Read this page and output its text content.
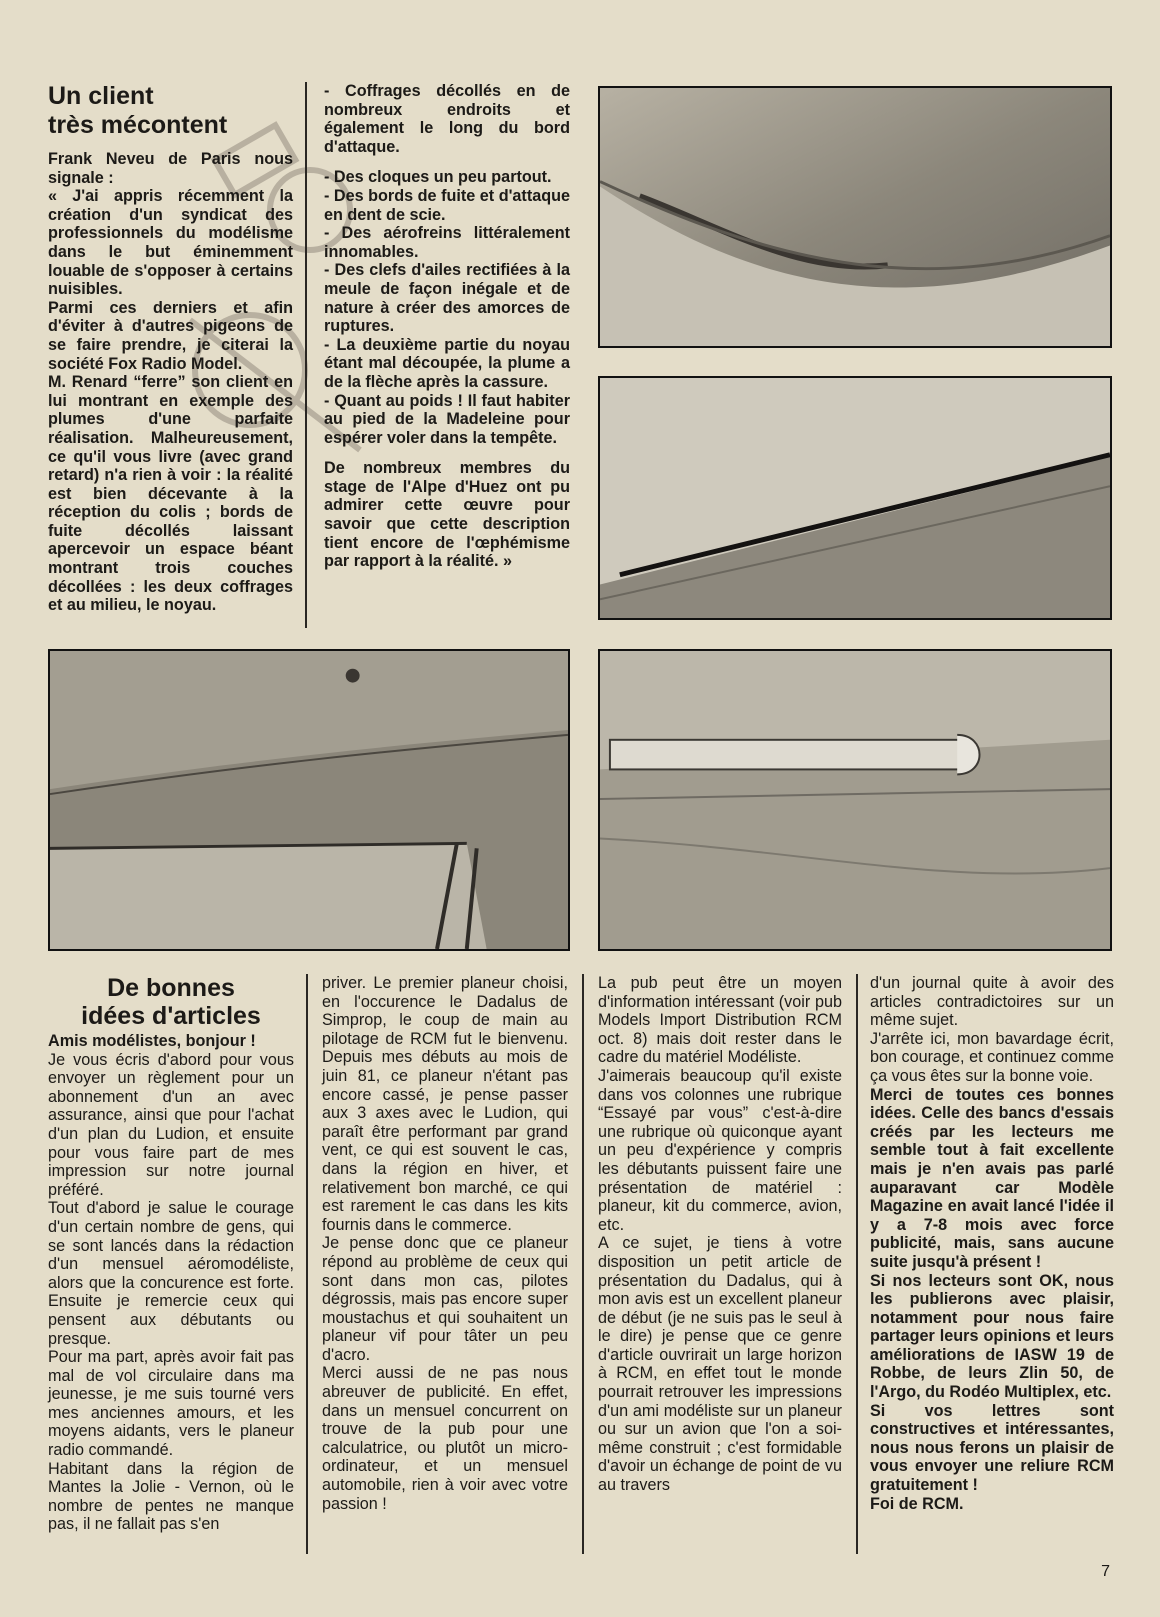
Un client
très mécontent

Frank Neveu de Paris nous signale :

« J'ai appris récemment la création d'un syndicat des professionnels du modélisme dans le but éminemment louable de s'opposer à certains nuisibles.

Parmi ces derniers et afin d'éviter à d'autres pigeons de se faire prendre, je citerai la société Fox Radio Model.

M. Renard “ferre” son client en lui montrant en exemple des plumes d'une parfaite réalisation. Malheureusement, ce qu'il vous livre (avec grand retard) n'a rien à voir : la réalité est bien décevante à la réception du colis ; bords de fuite décollés laissant apercevoir un espace béant montrant trois couches décollées : les deux coffrages et au milieu, le noyau.

- Coffrages décollés en de nombreux endroits et également le long du bord d'attaque.

- Des cloques un peu partout.

- Des bords de fuite et d'attaque en dent de scie.

- Des aérofreins littéralement innomables.

- Des clefs d'ailes rectifiées à la meule de façon inégale et de nature à créer des amorces de ruptures.

- La deuxième partie du noyau étant mal découpée, la plume a de la flèche après la cassure.

- Quant au poids ! Il faut habiter au pied de la Madeleine pour espérer voler dans la tempête.

De nombreux membres du stage de l'Alpe d'Huez ont pu admirer cette œuvre pour savoir que cette description tient encore de l'œphémisme par rapport à la réalité. »

De bonnes
idées d'articles

Amis modélistes, bonjour !

Je vous écris d'abord pour vous envoyer un règlement pour un abonnement d'un an avec assurance, ainsi que pour l'achat d'un plan du Ludion, et ensuite pour vous faire part de mes impression sur notre journal préféré.

Tout d'abord je salue le courage d'un certain nombre de gens, qui se sont lancés dans la rédaction d'un mensuel aéromodéliste, alors que la concurence est forte. Ensuite je remercie ceux qui pensent aux débutants ou presque.

Pour ma part, après avoir fait pas mal de vol circulaire dans ma jeunesse, je me suis tourné vers mes anciennes amours, et les moyens aidants, vers le planeur radio commandé.

Habitant dans la région de Mantes la Jolie - Vernon, où le nombre de pentes ne manque pas, il ne fallait pas s'en

priver. Le premier planeur choisi, en l'occurence le Dadalus de Simprop, le coup de main au pilotage de RCM fut le bienvenu. Depuis mes débuts au mois de juin 81, ce planeur n'étant pas encore cassé, je pense passer aux 3 axes avec le Ludion, qui paraît être performant par grand vent, ce qui est souvent le cas, dans la région en hiver, et relativement bon marché, ce qui est rarement le cas dans les kits fournis dans le commerce.

Je pense donc que ce planeur répond au problème de ceux qui sont dans mon cas, pilotes dégrossis, mais pas encore super moustachus et qui souhaitent un planeur vif pour tâter un peu d'acro.

Merci aussi de ne pas nous abreuver de publicité. En effet, dans un mensuel concurrent on trouve de la pub pour une calculatrice, ou plutôt un micro-ordinateur, et un mensuel automobile, rien à voir avec votre passion !

La pub peut être un moyen d'information intéressant (voir pub Models Import Distribution RCM oct. 8) mais doit rester dans le cadre du matériel Modéliste.

J'aimerais beaucoup qu'il existe dans vos colonnes une rubrique “Essayé par vous” c'est-à-dire une rubrique où quiconque ayant un peu d'expérience y compris les débutants puissent faire une présentation de matériel : planeur, kit du commerce, avion, etc.

A ce sujet, je tiens à votre disposition un petit article de présentation du Dadalus, qui à mon avis est un excellent planeur de début (je ne suis pas le seul à le dire) je pense que ce genre d'article ouvrirait un large horizon à RCM, en effet tout le monde pourrait retrouver les impressions d'un ami modéliste sur un planeur ou sur un avion que l'on a soi-même construit ; c'est formidable d'avoir un échange de point de vu au travers

d'un journal quite à avoir des articles contradictoires sur un même sujet.

J'arrête ici, mon bavardage écrit, bon courage, et continuez comme ça vous êtes sur la bonne voie.

Merci de toutes ces bonnes idées. Celle des bancs d'essais créés par les lecteurs me semble tout à fait excellente mais je n'en avais pas parlé auparavant car Modèle Magazine en avait lancé l'idée il y a 7-8 mois avec force publicité, mais, sans aucune suite jusqu'à présent !

Si nos lecteurs sont OK, nous les publierons avec plaisir, notamment pour nous faire partager leurs opinions et leurs améliorations de IASW 19 de Robbe, de leurs Zlin 50, de l'Argo, du Rodéo Multiplex, etc.

Si vos lettres sont constructives et intéressantes, nous nous ferons un plaisir de vous envoyer une reliure RCM gratuitement !

Foi de RCM.

7
